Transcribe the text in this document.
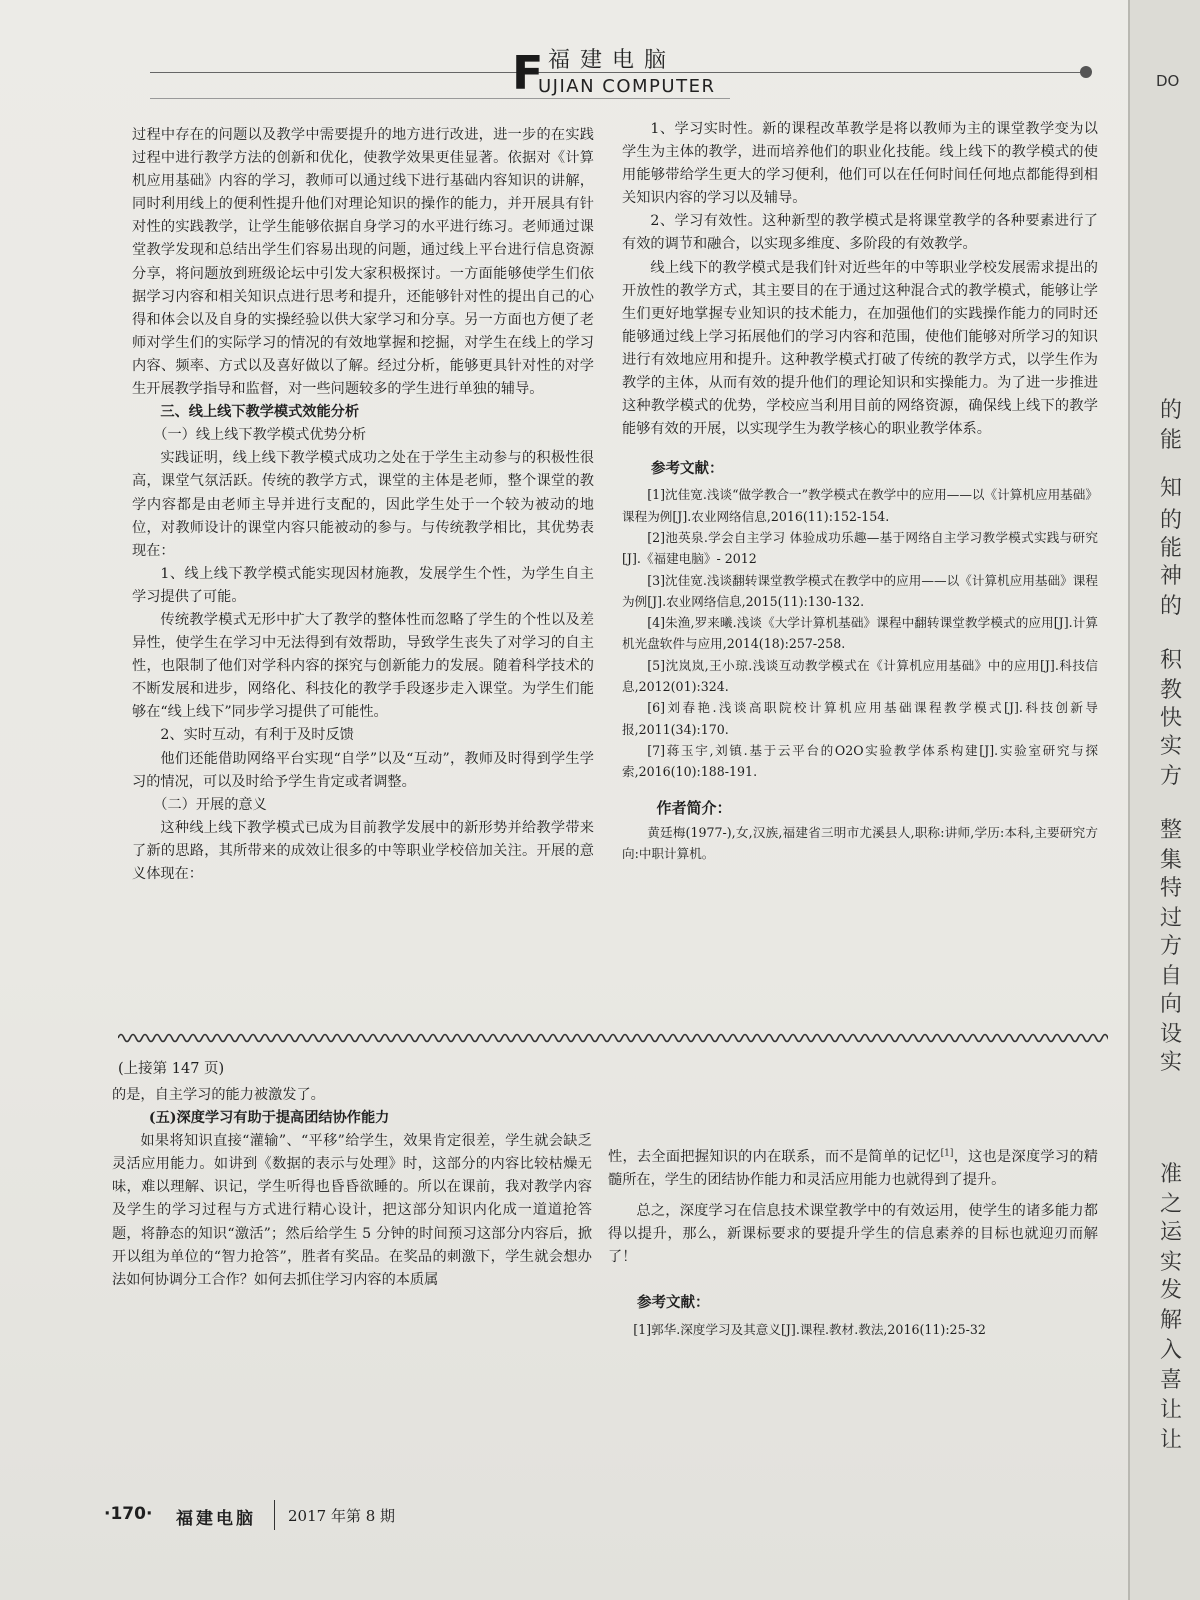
DO
的
能
知
的
能
神
的
积
教
快
实
方
整
集
特
过
方
自
向
设
实
准
之
运
实
发
解
入
喜
让
让
F 福建电脑
UJIAN COMPUTER

过程中存在的问题以及教学中需要提升的地方进行改进，进一步的在实践过程中进行教学方法的创新和优化，使教学效果更佳显著。依据对《计算机应用基础》内容的学习，教师可以通过线下进行基础内容知识的讲解，同时利用线上的便利性提升他们对理论知识的操作的能力，并开展具有针对性的实践教学，让学生能够依据自身学习的水平进行练习。老师通过课堂教学发现和总结出学生们容易出现的问题，通过线上平台进行信息资源分享，将问题放到班级论坛中引发大家积极探讨。一方面能够使学生们依据学习内容和相关知识点进行思考和提升，还能够针对性的提出自己的心得和体会以及自身的实操经验以供大家学习和分享。另一方面也方便了老师对学生们的实际学习的情况的有效地掌握和挖掘，对学生在线上的学习内容、频率、方式以及喜好做以了解。经过分析，能够更具针对性的对学生开展教学指导和监督，对一些问题较多的学生进行单独的辅导。

三、线上线下教学模式效能分析
（一）线上线下教学模式优势分析

实践证明，线上线下教学模式成功之处在于学生主动参与的积极性很高，课堂气氛活跃。传统的教学方式，课堂的主体是老师，整个课堂的教学内容都是由老师主导并进行支配的，因此学生处于一个较为被动的地位，对教师设计的课堂内容只能被动的参与。与传统教学相比，其优势表现在：

1、线上线下教学模式能实现因材施教，发展学生个性，为学生自主学习提供了可能。

传统教学模式无形中扩大了教学的整体性而忽略了学生的个性以及差异性，使学生在学习中无法得到有效帮助，导致学生丧失了对学习的自主性，也限制了他们对学科内容的探究与创新能力的发展。随着科学技术的不断发展和进步，网络化、科技化的教学手段逐步走入课堂。为学生们能够在“线上线下”同步学习提供了可能性。

2、实时互动，有利于及时反馈

他们还能借助网络平台实现“自学”以及“互动”，教师及时得到学生学习的情况，可以及时给予学生肯定或者调整。

（二）开展的意义

这种线上线下教学模式已成为目前教学发展中的新形势并给教学带来了新的思路，其所带来的成效让很多的中等职业学校倍加关注。开展的意义体现在：

1、学习实时性。新的课程改革教学是将以教师为主的课堂教学变为以学生为主体的教学，进而培养他们的职业化技能。线上线下的教学模式的使用能够带给学生更大的学习便利，他们可以在任何时间任何地点都能得到相关知识内容的学习以及辅导。

2、学习有效性。这种新型的教学模式是将课堂教学的各种要素进行了有效的调节和融合，以实现多维度、多阶段的有效教学。

线上线下的教学模式是我们针对近些年的中等职业学校发展需求提出的开放性的教学方式，其主要目的在于通过这种混合式的教学模式，能够让学生们更好地掌握专业知识的技术能力，在加强他们的实践操作能力的同时还能够通过线上学习拓展他们的学习内容和范围，使他们能够对所学习的知识进行有效地应用和提升。这种教学模式打破了传统的教学方式，以学生作为教学的主体，从而有效的提升他们的理论知识和实操能力。为了进一步推进这种教学模式的优势，学校应当利用目前的网络资源，确保线上线下的教学能够有效的开展，以实现学生为教学核心的职业教学体系。

参考文献：

[1]沈佳宽.浅谈“做学教合一”教学模式在教学中的应用——以《计算机应用基础》课程为例[J].农业网络信息,2016(11):152-154.

[2]池英泉.学会自主学习 体验成功乐趣—基于网络自主学习教学模式实践与研究[J].《福建电脑》- 2012

[3]沈佳宽.浅谈翻转课堂教学模式在教学中的应用——以《计算机应用基础》课程为例[J].农业网络信息,2015(11):130-132.

[4]朱渔,罗来曦.浅谈《大学计算机基础》课程中翻转课堂教学模式的应用[J].计算机光盘软件与应用,2014(18):257-258.

[5]沈岚岚,王小琼.浅谈互动教学模式在《计算机应用基础》中的应用[J].科技信息,2012(01):324.

[6]刘春艳.浅谈高职院校计算机应用基础课程教学模式[J].科技创新导报,2011(34):170.

[7]蒋玉宇,刘镇.基于云平台的O2O实验教学体系构建[J].实验室研究与探索,2016(10):188-191.

作者简介：

黄廷梅(1977-),女,汉族,福建省三明市尤溪县人,职称:讲师,学历:本科,主要研究方向:中职计算机。

(上接第 147 页)

的是，自主学习的能力被激发了。

(五)深度学习有助于提高团结协作能力

如果将知识直接“灌输”、“平移”给学生，效果肯定很差，学生就会缺乏灵活应用能力。如讲到《数据的表示与处理》时，这部分的内容比较枯燥无味，难以理解、识记，学生听得也昏昏欲睡的。所以在课前，我对教学内容及学生的学习过程与方式进行精心设计，把这部分知识内化成一道道抢答题，将静态的知识“激活”；然后给学生 5 分钟的时间预习这部分内容后，掀开以组为单位的“智力抢答”，胜者有奖品。在奖品的刺激下，学生就会想办法如何协调分工合作？如何去抓住学习内容的本质属

性，去全面把握知识的内在联系，而不是简单的记忆[1]，这也是深度学习的精髓所在，学生的团结协作能力和灵活应用能力也就得到了提升。

总之，深度学习在信息技术课堂教学中的有效运用，使学生的诸多能力都得以提升，那么，新课标要求的要提升学生的信息素养的目标也就迎刃而解了！

参考文献：

[1]郭华.深度学习及其意义[J].课程.教材.教法,2016(11):25-32

·170· 福建电脑 2017 年第 8 期
